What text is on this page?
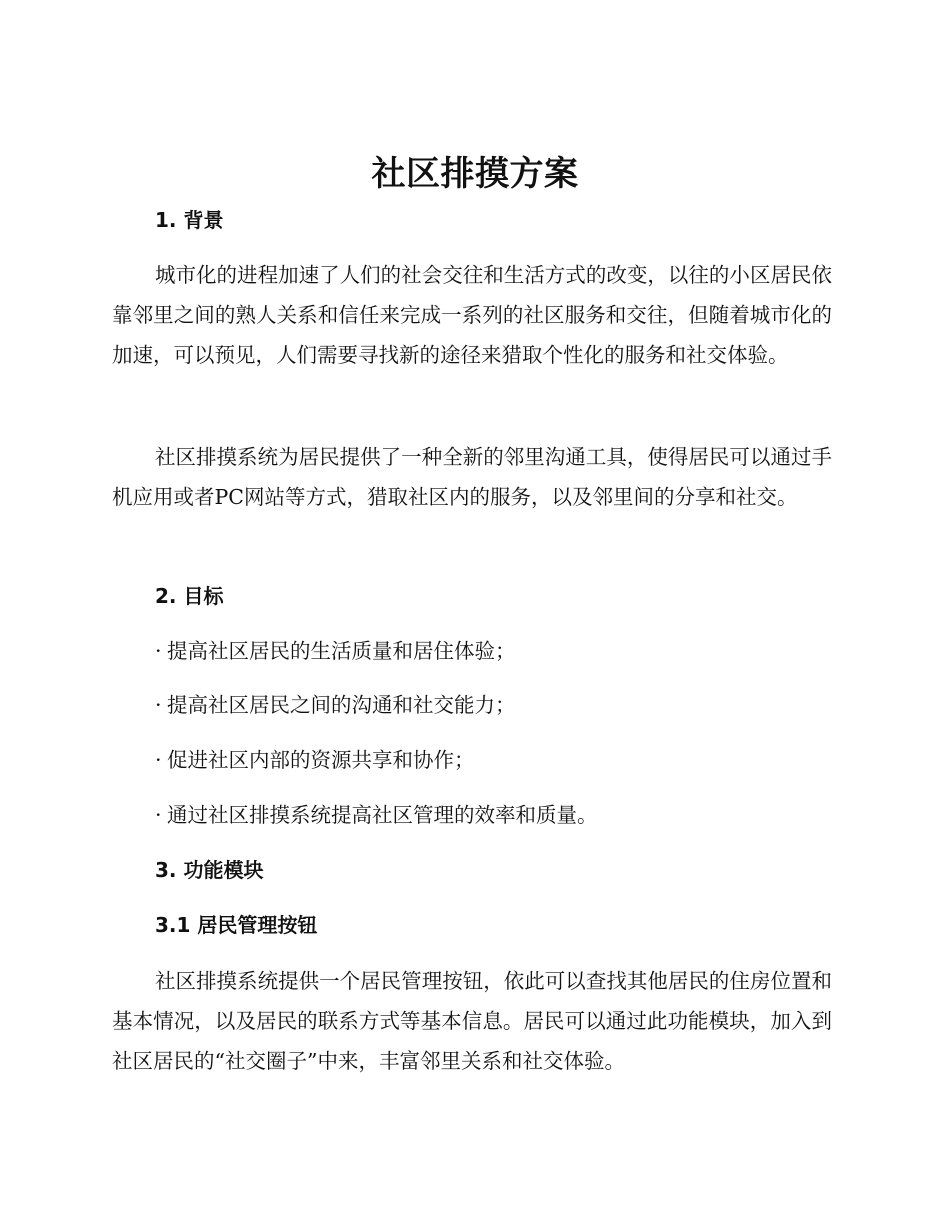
社区排摸方案
1. 背景

城市化的进程加速了人们的社会交往和生活方式的改变，以往的小区居民依靠邻里之间的熟人关系和信任来完成一系列的社区服务和交往，但随着城市化的加速，可以预见，人们需要寻找新的途径来猎取个性化的服务和社交体验。

社区排摸系统为居民提供了一种全新的邻里沟通工具，使得居民可以通过手机应用或者PC网站等方式，猎取社区内的服务，以及邻里间的分享和社交。

2. 目标
· 提高社区居民的生活质量和居住体验；
· 提高社区居民之间的沟通和社交能力；
· 促进社区内部的资源共享和协作；
· 通过社区排摸系统提高社区管理的效率和质量。
3. 功能模块
3.1 居民管理按钮

社区排摸系统提供一个居民管理按钮，依此可以查找其他居民的住房位置和基本情况，以及居民的联系方式等基本信息。居民可以通过此功能模块，加入到社区居民的“社交圈子”中来，丰富邻里关系和社交体验。
